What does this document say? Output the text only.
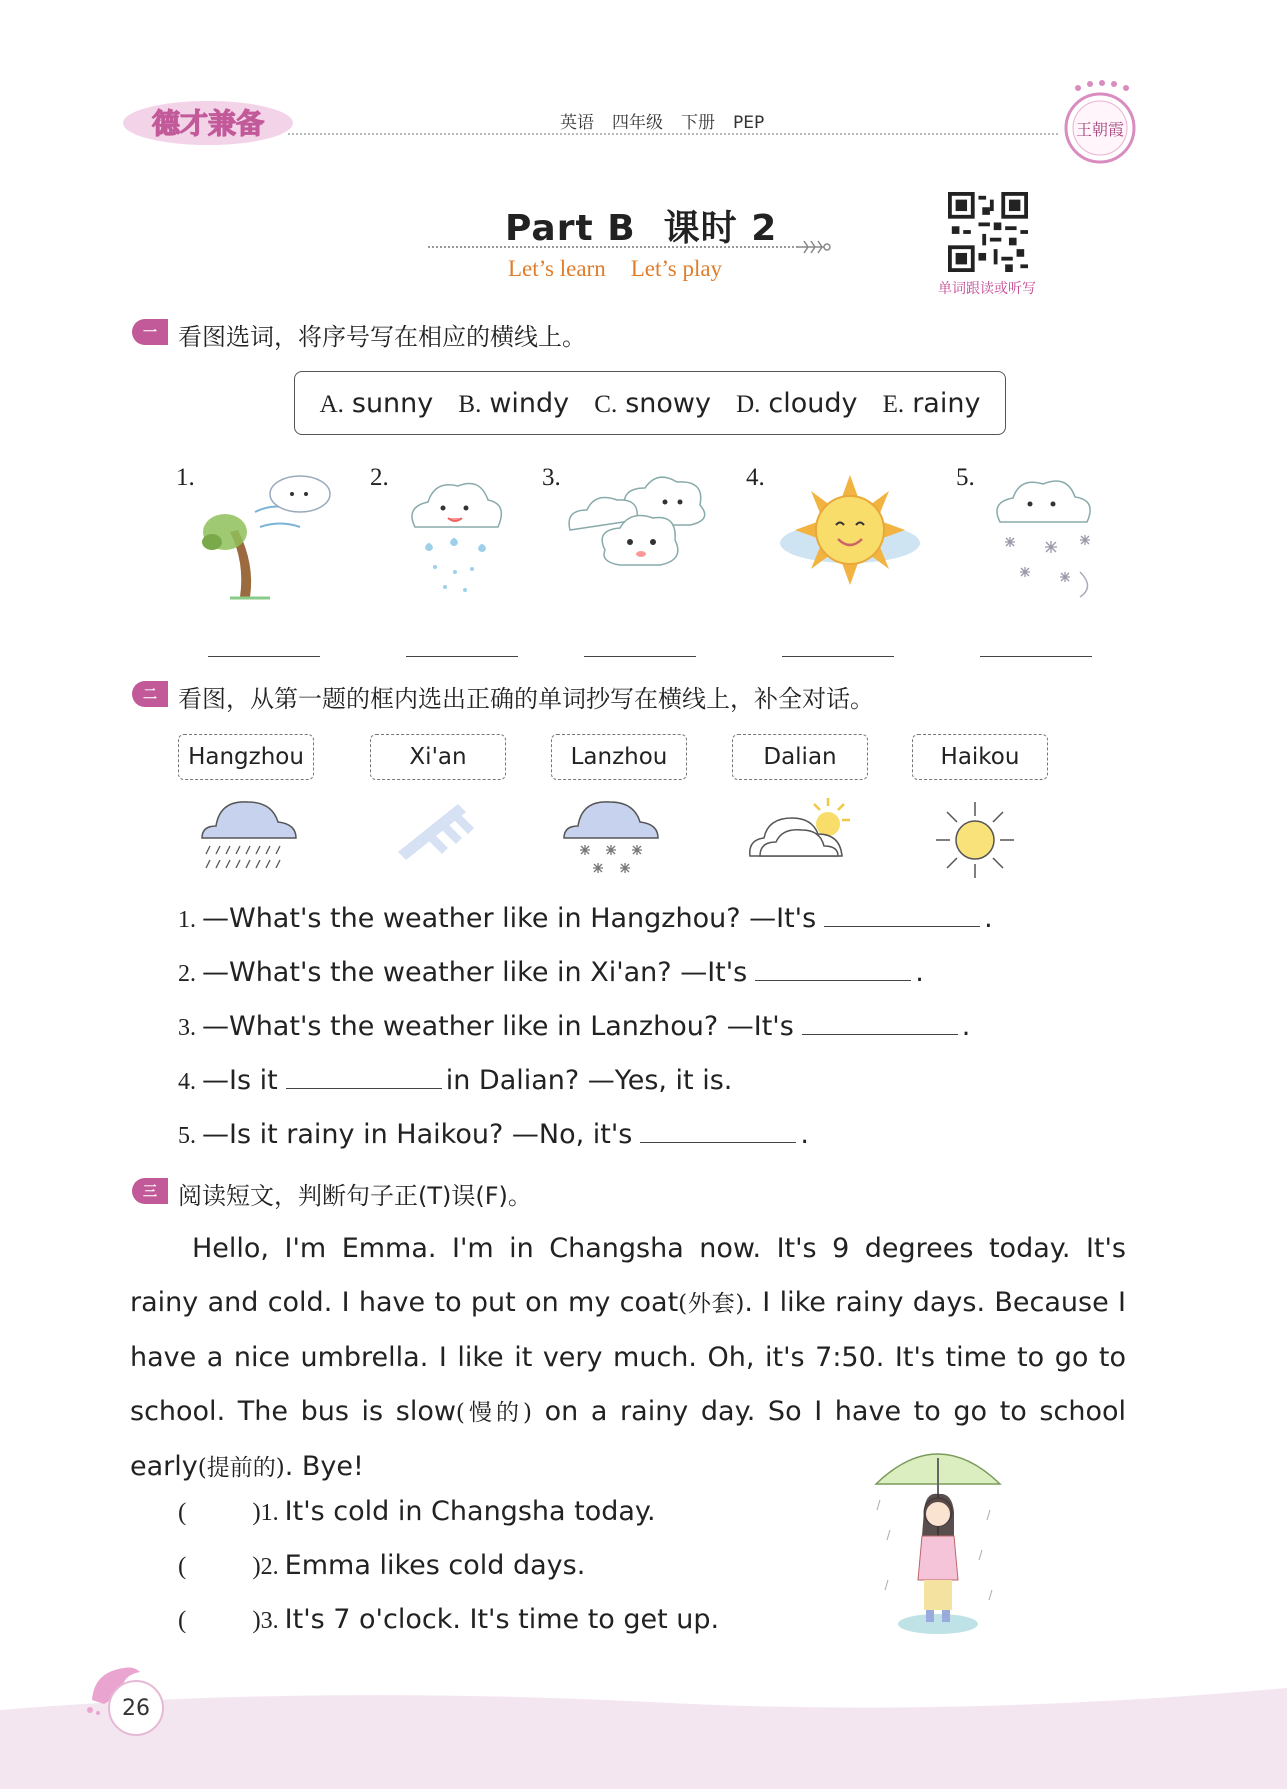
德才兼备	英语 四年级 下册 PEP	王朝霞
Part B 课时 2
Let’s learn Let’s play
单词跟读或听写
一 看图选词，将序号写在相应的横线上。
A. sunny B. windy C. snowy D. cloudy E. rainy
1.	2.	3.	4.	5.
二 看图，从第一题的框内选出正确的单词抄写在横线上，补全对话。
Hangzhou	Xi'an	Lanzhou	Dalian	Haikou
1. —What's the weather like in Hangzhou? —It's	.
2. —What's the weather like in Xi'an? —It's	.
3. —What's the weather like in Lanzhou? —It's	.
4. —Is it	in Dalian? —Yes, it is.
5. —Is it rainy in Haikou? —No, it's	.
三 阅读短文，判断句子正(T)误(F)。

Hello, I'm Emma. I'm in Changsha now. It's 9 degrees today. It's rainy and cold. I have to put on my coat(外套). I like rainy days. Because I have a nice umbrella. I like it very much. Oh, it's 7:50. It's time to go to school. The bus is slow(慢的) on a rainy day. So I have to go to school early(提前的). Bye!

(	)1. It's cold in Changsha today.
(	)2. Emma likes cold days.
(	)3. It's 7 o'clock. It's time to get up.
26
